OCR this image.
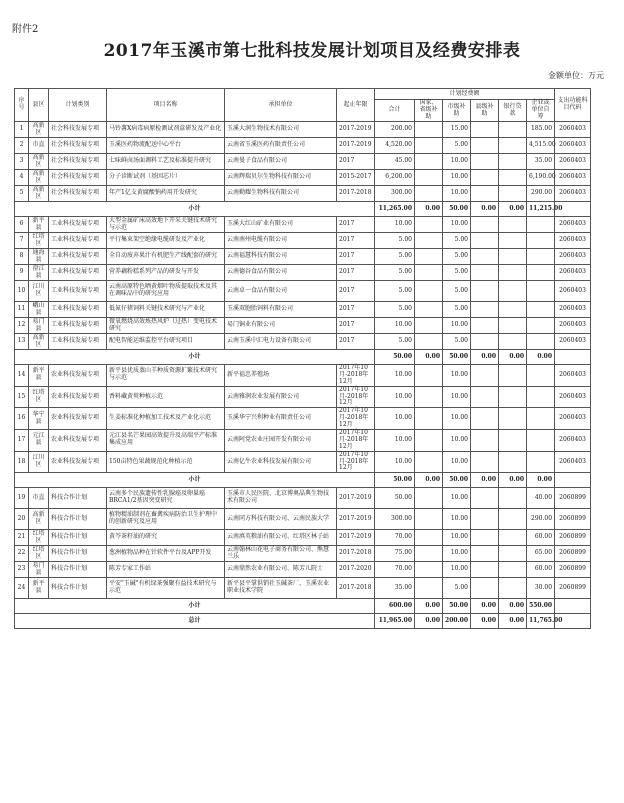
附件2
2017年玉溪市第七批科技发展计划项目及经费安排表
金额单位：万元
序号	县区	计划类别	项目名称	承担单位	起止年限	计划经费额						支出功能科目代码
						合计	国家、省级补助	市级补助	县级补助	银行贷款	企业或单位自筹	
1	高新区	社会科技发展专项	马铃薯X病毒病原检测试剂盒研发及产业化	玉溪大润生物技术有限公司	2017-2019	200.00		15.00			185.00	2060403
2	市直	社会科技发展专项	玉溪医药物流配送中心平台	云南省玉溪医药有限责任公司	2017-2019	4,520.00		5.00			4,515.00	2060403
3	高新区	社会科技发展专项	七味鲜卤汤面调料工艺及标准提升研究	云南曼子食品有限公司	2017	45.00		10.00			35.00	2060403
4	高新区	社会科技发展专项	分子诊断试剂（基因芯片）	云南辉瑞贝尔生物科技有限公司	2015-2017	6,200.00		10.00			6,190.00	2060403
5	高新区	社会科技发展专项	年产1亿支黄腐酸钠药用开发研究	云南勤耀生物科技有限公司	2017-2018	300.00		10.00			290.00	2060403
小计						11,265.00	0.00	50.00	0.00	0.00	11,215.00	
6	新平县	工业科技发展专项	大型金属矿床高效地下开采关键技术研究与示范	玉溪大红山矿业有限公司	2017	10.00		10.00				2060403
7	红塔区	工业科技发展专项	平行集束架空绝缘电缆研发及产业化	云南南州电缆有限公司	2017	5.00		5.00				2060403
8	通海县	工业科技发展专项	全自动废弃果汁有机肥生产线配套的研究	云南福慧科技有限公司	2017	5.00		5.00				2060403
9	澄江县	工业科技发展专项	营养藕粉糕系列产品的研发与开发	云南德谷食品有限公司	2017	5.00		5.00				2060403
10	江川区	工业科技发展专项	云南高原特色晒黄烟叶物质提取技术及其在调味品中的研究应用	云南卓一食品有限公司	2017	5.00		5.00				2060403
11	峨山县	工业科技发展专项	低氮仔猪饲料关键技术研究与产业化	玉溪双胞胎饲料有限公司	2017	5.00		5.00				2060403
12	易门县	工业科技发展专项	微氧燃烧高效炼热风炉（过热）变电技术研究	易门铜业有限公司	2017	10.00		10.00				2060403
13	高新区	工业科技发展专项	配电智能运维监控平台研究项目	云南玉溪中汇电力设备有限公司	2017	5.00		5.00				2060403
小计						50.00	0.00	50.00	0.00	0.00	0.00	
14	新平县	农业科技发展专项	新平县优质蒸山羊种质资源扩繁技术研究与示范	新平福忠养殖场	2017年10月-2018年12月	10.00		10.00				2060403
15	红塔区	农业科技发展专项	香料藏黄萸种植示范	云南雅润农业发展有限公司	2017年10月-2018年12月	10.00		10.00				2060403
16	华宁县	农业科技发展专项	生姜标准化种植加工技术及产业化示范	玉溪华宁兴利种业有限责任公司	2017年10月-2018年12月	10.00		10.00				2060403
17	元江县	农业科技发展专项	元江县名芒果园高效提升及高端平产标准集成应用	云南阿党农业庄园开发有限公司	2017年10月-2018年12月	10.00		10.00				2060403
18	江川区	农业科技发展专项	150亩特色果蔬规范化种植示范	云南亿牛农业科技发展有限公司	2017年10月-2018年12月	10.00		10.00				2060403
小计						50.00	0.00	50.00	0.00	0.00	0.00	
19	市直	科技合作计划	云南多个民族遗传性乳腺癌及卵巢癌BRCA1/2基因突变研究	玉溪市人民医院、北京博奥晶典生物技术有限公司	2017-2019	50.00		10.00			40.00	2060899
20	高新区	科技合作计划	植物精油制剂在畜禽疾病防治卫生护理中的创新研究及应用	云南同方科技有限公司、云南民族大学	2017-2019	300.00		10.00			290.00	2060899
21	红塔区	科技合作计划	黄芩茶籽油的研究	云南滇英粮油有限公司、红塔区林子站	2017-2019	70.00		10.00			60.00	2060899
22	红塔区	科技合作计划	葱洲植物品种在针软件平台及APP开发	云南翰林山花电子商务有限公司、熊慧兰乐	2017-2018	75.00		10.00			65.00	2060899
23	易门县	科技合作计划	陈芳专家工作站	云南鼎然农业有限公司、陈芳儿院士	2017-2020	70.00		10.00			60.00	2060899
24	新平县	科技合作计划	平安"玉碱"有机绿茶强聚有益技术研究与示范	新平县平掌供销社玉碱茶厂、玉溪农业职业技术学院	2017-2018	35.00		5.00			30.00	2060899
小计						600.00	0.00	50.00	0.00	0.00	550.00	
总计						11,965.00	0.00	200.00	0.00	0.00	11,765.00	
